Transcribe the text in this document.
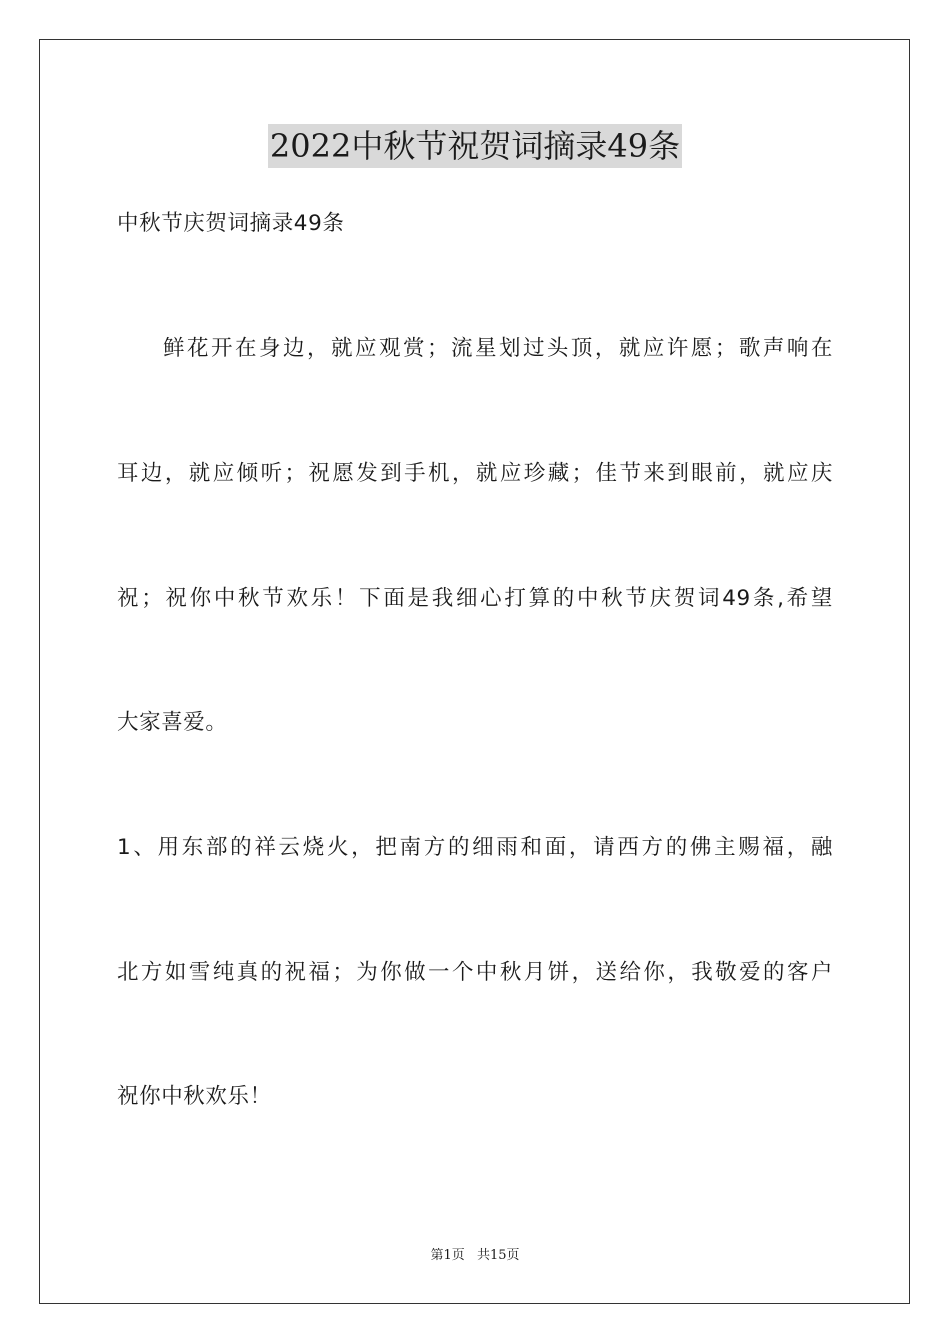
2022中秋节祝贺词摘录49条
中秋节庆贺词摘录49条
鲜花开在身边，就应观赏；流星划过头顶，就应许愿；歌声响在
耳边，就应倾听；祝愿发到手机，就应珍藏；佳节来到眼前，就应庆
祝；祝你中秋节欢乐！下面是我细心打算的中秋节庆贺词49条,希望
大家喜爱。
1、用东部的祥云烧火，把南方的细雨和面，请西方的佛主赐福，融
北方如雪纯真的祝福；为你做一个中秋月饼，送给你，我敬爱的客户
祝你中秋欢乐！
第1页 共15页
